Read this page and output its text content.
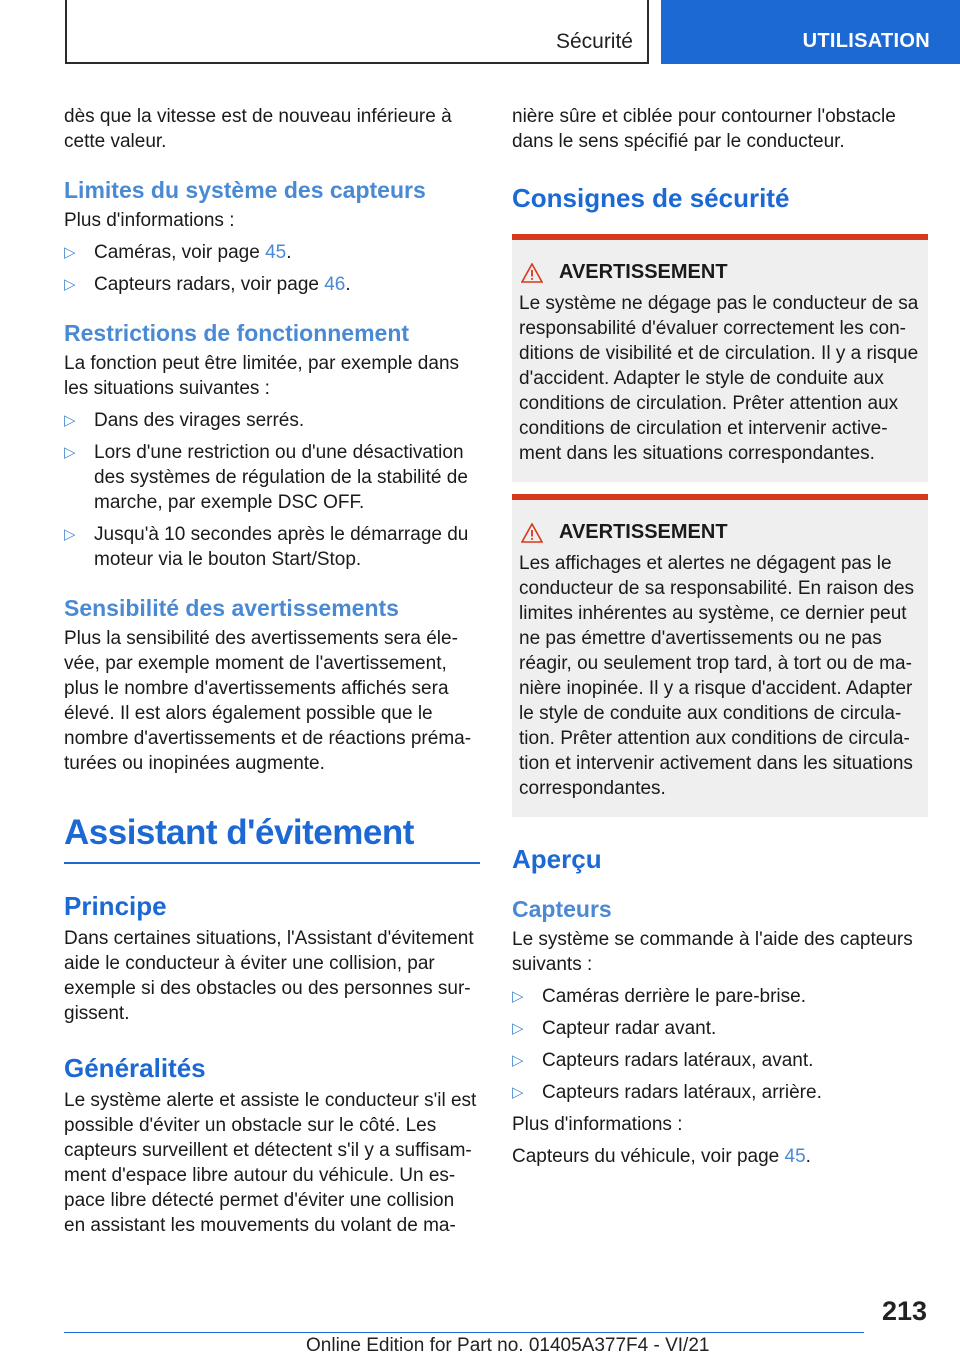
Sécurité	UTILISATION

dès que la vitesse est de nouveau inférieure à cette valeur.

Limites du système des capteurs

Plus d'informations :

▷ Caméras, voir page 45.
▷ Capteurs radars, voir page 46.
Restrictions de fonctionnement

La fonction peut être limitée, par exemple dans les situations suivantes :

▷ Dans des virages serrés.
▷ Lors d'une restriction ou d'une désactivation des systèmes de régulation de la stabilité de marche, par exemple DSC OFF.
▷ Jusqu'à 10 secondes après le démarrage du moteur via le bouton Start/Stop.
Sensibilité des avertissements

Plus la sensibilité des avertissements sera élevée, par exemple moment de l'avertissement, plus le nombre d'avertissements affichés sera élevé. Il est alors également possible que le nombre d'avertissements et de réactions prématurées ou inopinées augmente.

Assistant d'évitement
Principe

Dans certaines situations, l'Assistant d'évitement aide le conducteur à éviter une collision, par exemple si des obstacles ou des personnes surgissent.

Généralités

Le système alerte et assiste le conducteur s'il est possible d'éviter un obstacle sur le côté. Les capteurs surveillent et détectent s'il y a suffisamment d'espace libre autour du véhicule. Un espace libre détecté permet d'éviter une collision en assistant les mouvements du volant de ma-

nière sûre et ciblée pour contourner l'obstacle dans le sens spécifié par le conducteur.

Consignes de sécurité
AVERTISSEMENT

Le système ne dégage pas le conducteur de sa responsabilité d'évaluer correctement les conditions de visibilité et de circulation. Il y a risque d'accident. Adapter le style de conduite aux conditions de circulation. Prêter attention aux conditions de circulation et intervenir activement dans les situations correspondantes.

AVERTISSEMENT

Les affichages et alertes ne dégagent pas le conducteur de sa responsabilité. En raison des limites inhérentes au système, ce dernier peut ne pas émettre d'avertissements ou ne pas réagir, ou seulement trop tard, à tort ou de manière inopinée. Il y a risque d'accident. Adapter le style de conduite aux conditions de circulation. Prêter attention aux conditions de circulation et intervenir activement dans les situations correspondantes.

Aperçu
Capteurs

Le système se commande à l'aide des capteurs suivants :

▷ Caméras derrière le pare-brise.
▷ Capteur radar avant.
▷ Capteurs radars latéraux, avant.
▷ Capteurs radars latéraux, arrière.

Plus d'informations :

Capteurs du véhicule, voir page 45.

213
Online Edition for Part no. 01405A377F4 - VI/21
